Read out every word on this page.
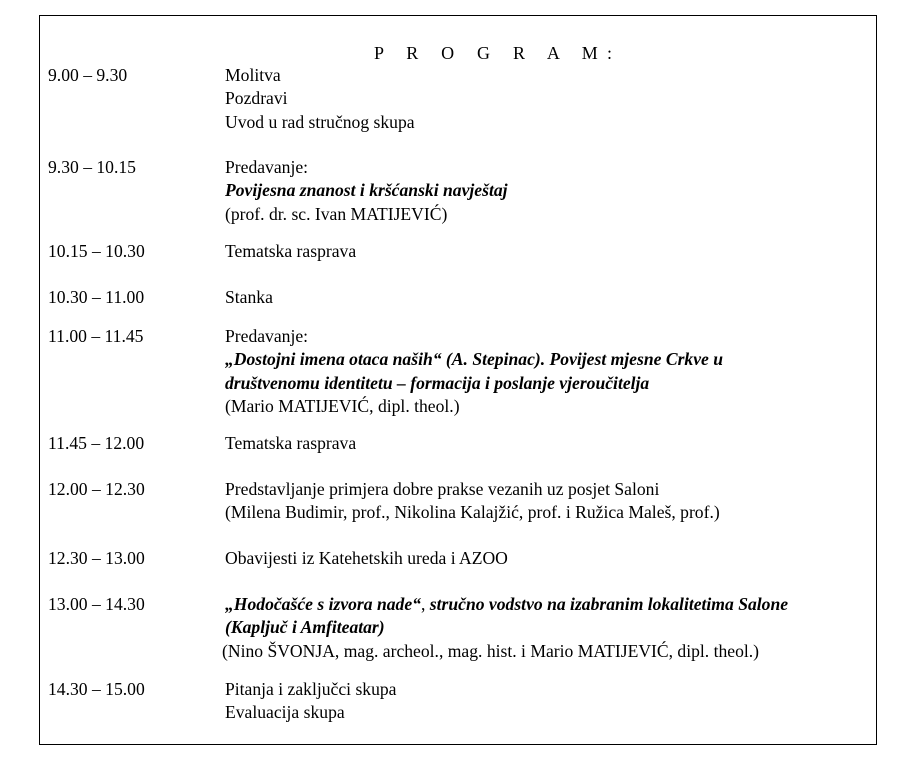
P R O G R A M:
9.00 – 9.30	Molitva
Pozdravi
Uvod u rad stručnog skupa
9.30 – 10.15	Predavanje:
Povijesna znanost i kršćanski navještaj
(prof. dr. sc. Ivan MATIJEVIĆ)
10.15 – 10.30	Tematska rasprava
10.30 – 11.00	Stanka
11.00 – 11.45	Predavanje:
„Dostojni imena otaca naših“ (A. Stepinac). Povijest mjesne Crkve u
društvenomu identitetu – formacija i poslanje vjeroučitelja
(Mario MATIJEVIĆ, dipl. theol.)
11.45 – 12.00	Tematska rasprava
12.00 – 12.30	Predstavljanje primjera dobre prakse vezanih uz posjet Saloni
(Milena Budimir, prof., Nikolina Kalajžić, prof. i Ružica Maleš, prof.)
12.30 – 13.00	Obavijesti iz Katehetskih ureda i AZOO
13.00 – 14.30	„Hodočašće s izvora nade“, stručno vodstvo na izabranim lokalitetima Salone
(Kapljuč i Amfiteatar)
(Nino ŠVONJA, mag. archeol., mag. hist. i Mario MATIJEVIĆ, dipl. theol.)
14.30 – 15.00	Pitanja i zaključci skupa
Evaluacija skupa
